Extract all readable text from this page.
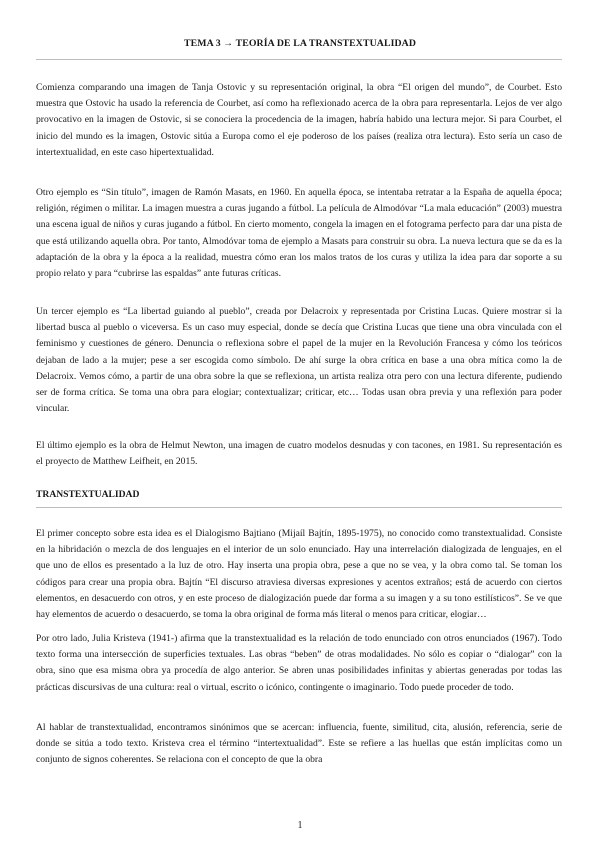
TEMA 3 → TEORÍA DE LA TRANSTEXTUALIDAD

Comienza comparando una imagen de Tanja Ostovic y su representación original, la obra “El origen del mundo”, de Courbet. Esto muestra que Ostovic ha usado la referencia de Courbet, así como ha reflexionado acerca de la obra para representarla. Lejos de ver algo provocativo en la imagen de Ostovic, si se conociera la procedencia de la imagen, habría habido una lectura mejor. Si para Courbet, el inicio del mundo es la imagen, Ostovic sitúa a Europa como el eje poderoso de los países (realiza otra lectura). Esto sería un caso de intertextualidad, en este caso hipertextualidad.

Otro ejemplo es “Sin título”, imagen de Ramón Masats, en 1960. En aquella época, se intentaba retratar a la España de aquella época; religión, régimen o militar. La imagen muestra a curas jugando a fútbol. La película de Almodóvar “La mala educación” (2003) muestra una escena igual de niños y curas jugando a fútbol. En cierto momento, congela la imagen en el fotograma perfecto para dar una pista de que está utilizando aquella obra. Por tanto, Almodóvar toma de ejemplo a Masats para construir su obra. La nueva lectura que se da es la adaptación de la obra y la época a la realidad, muestra cómo eran los malos tratos de los curas y utiliza la idea para dar soporte a su propio relato y para “cubrirse las espaldas” ante futuras críticas.

Un tercer ejemplo es “La libertad guiando al pueblo”, creada por Delacroix y representada por Cristina Lucas. Quiere mostrar si la libertad busca al pueblo o viceversa. Es un caso muy especial, donde se decía que Cristina Lucas que tiene una obra vinculada con el feminismo y cuestiones de género. Denuncia o reflexiona sobre el papel de la mujer en la Revolución Francesa y cómo los teóricos dejaban de lado a la mujer; pese a ser escogida como símbolo. De ahí surge la obra crítica en base a una obra mítica como la de Delacroix. Vemos cómo, a partir de una obra sobre la que se reflexiona, un artista realiza otra pero con una lectura diferente, pudiendo ser de forma crítica. Se toma una obra para elogiar; contextualizar; criticar, etc… Todas usan obra previa y una reflexión para poder vincular.

El último ejemplo es la obra de Helmut Newton, una imagen de cuatro modelos desnudas y con tacones, en 1981. Su representación es el proyecto de Matthew Leifheit, en 2015.

TRANSTEXTUALIDAD

El primer concepto sobre esta idea es el Dialogismo Bajtiano (Mijaíl Bajtín, 1895-1975), no conocido como transtextualidad. Consiste en la hibridación o mezcla de dos lenguajes en el interior de un solo enunciado. Hay una interrelación dialogizada de lenguajes, en el que uno de ellos es presentado a la luz de otro. Hay inserta una propia obra, pese a que no se vea, y la obra como tal. Se toman los códigos para crear una propia obra. Bajtín “El discurso atraviesa diversas expresiones y acentos extraños; está de acuerdo con ciertos elementos, en desacuerdo con otros, y en este proceso de dialogización puede dar forma a su imagen y a su tono estilísticos”. Se ve que hay elementos de acuerdo o desacuerdo, se toma la obra original de forma más literal o menos para criticar, elogiar…

Por otro lado, Julia Kristeva (1941-) afirma que la transtextualidad es la relación de todo enunciado con otros enunciados (1967). Todo texto forma una intersección de superficies textuales. Las obras “beben” de otras modalidades. No sólo es copiar o “dialogar” con la obra, sino que esa misma obra ya procedía de algo anterior. Se abren unas posibilidades infinitas y abiertas generadas por todas las prácticas discursivas de una cultura: real o virtual, escrito o icónico, contingente o imaginario. Todo puede proceder de todo.

Al hablar de transtextualidad, encontramos sinónimos que se acercan: influencia, fuente, similitud, cita, alusión, referencia, serie de donde se sitúa a todo texto. Kristeva crea el término “intertextualidad”. Este se refiere a las huellas que están implícitas como un conjunto de signos coherentes. Se relaciona con el concepto de que la obra

1
